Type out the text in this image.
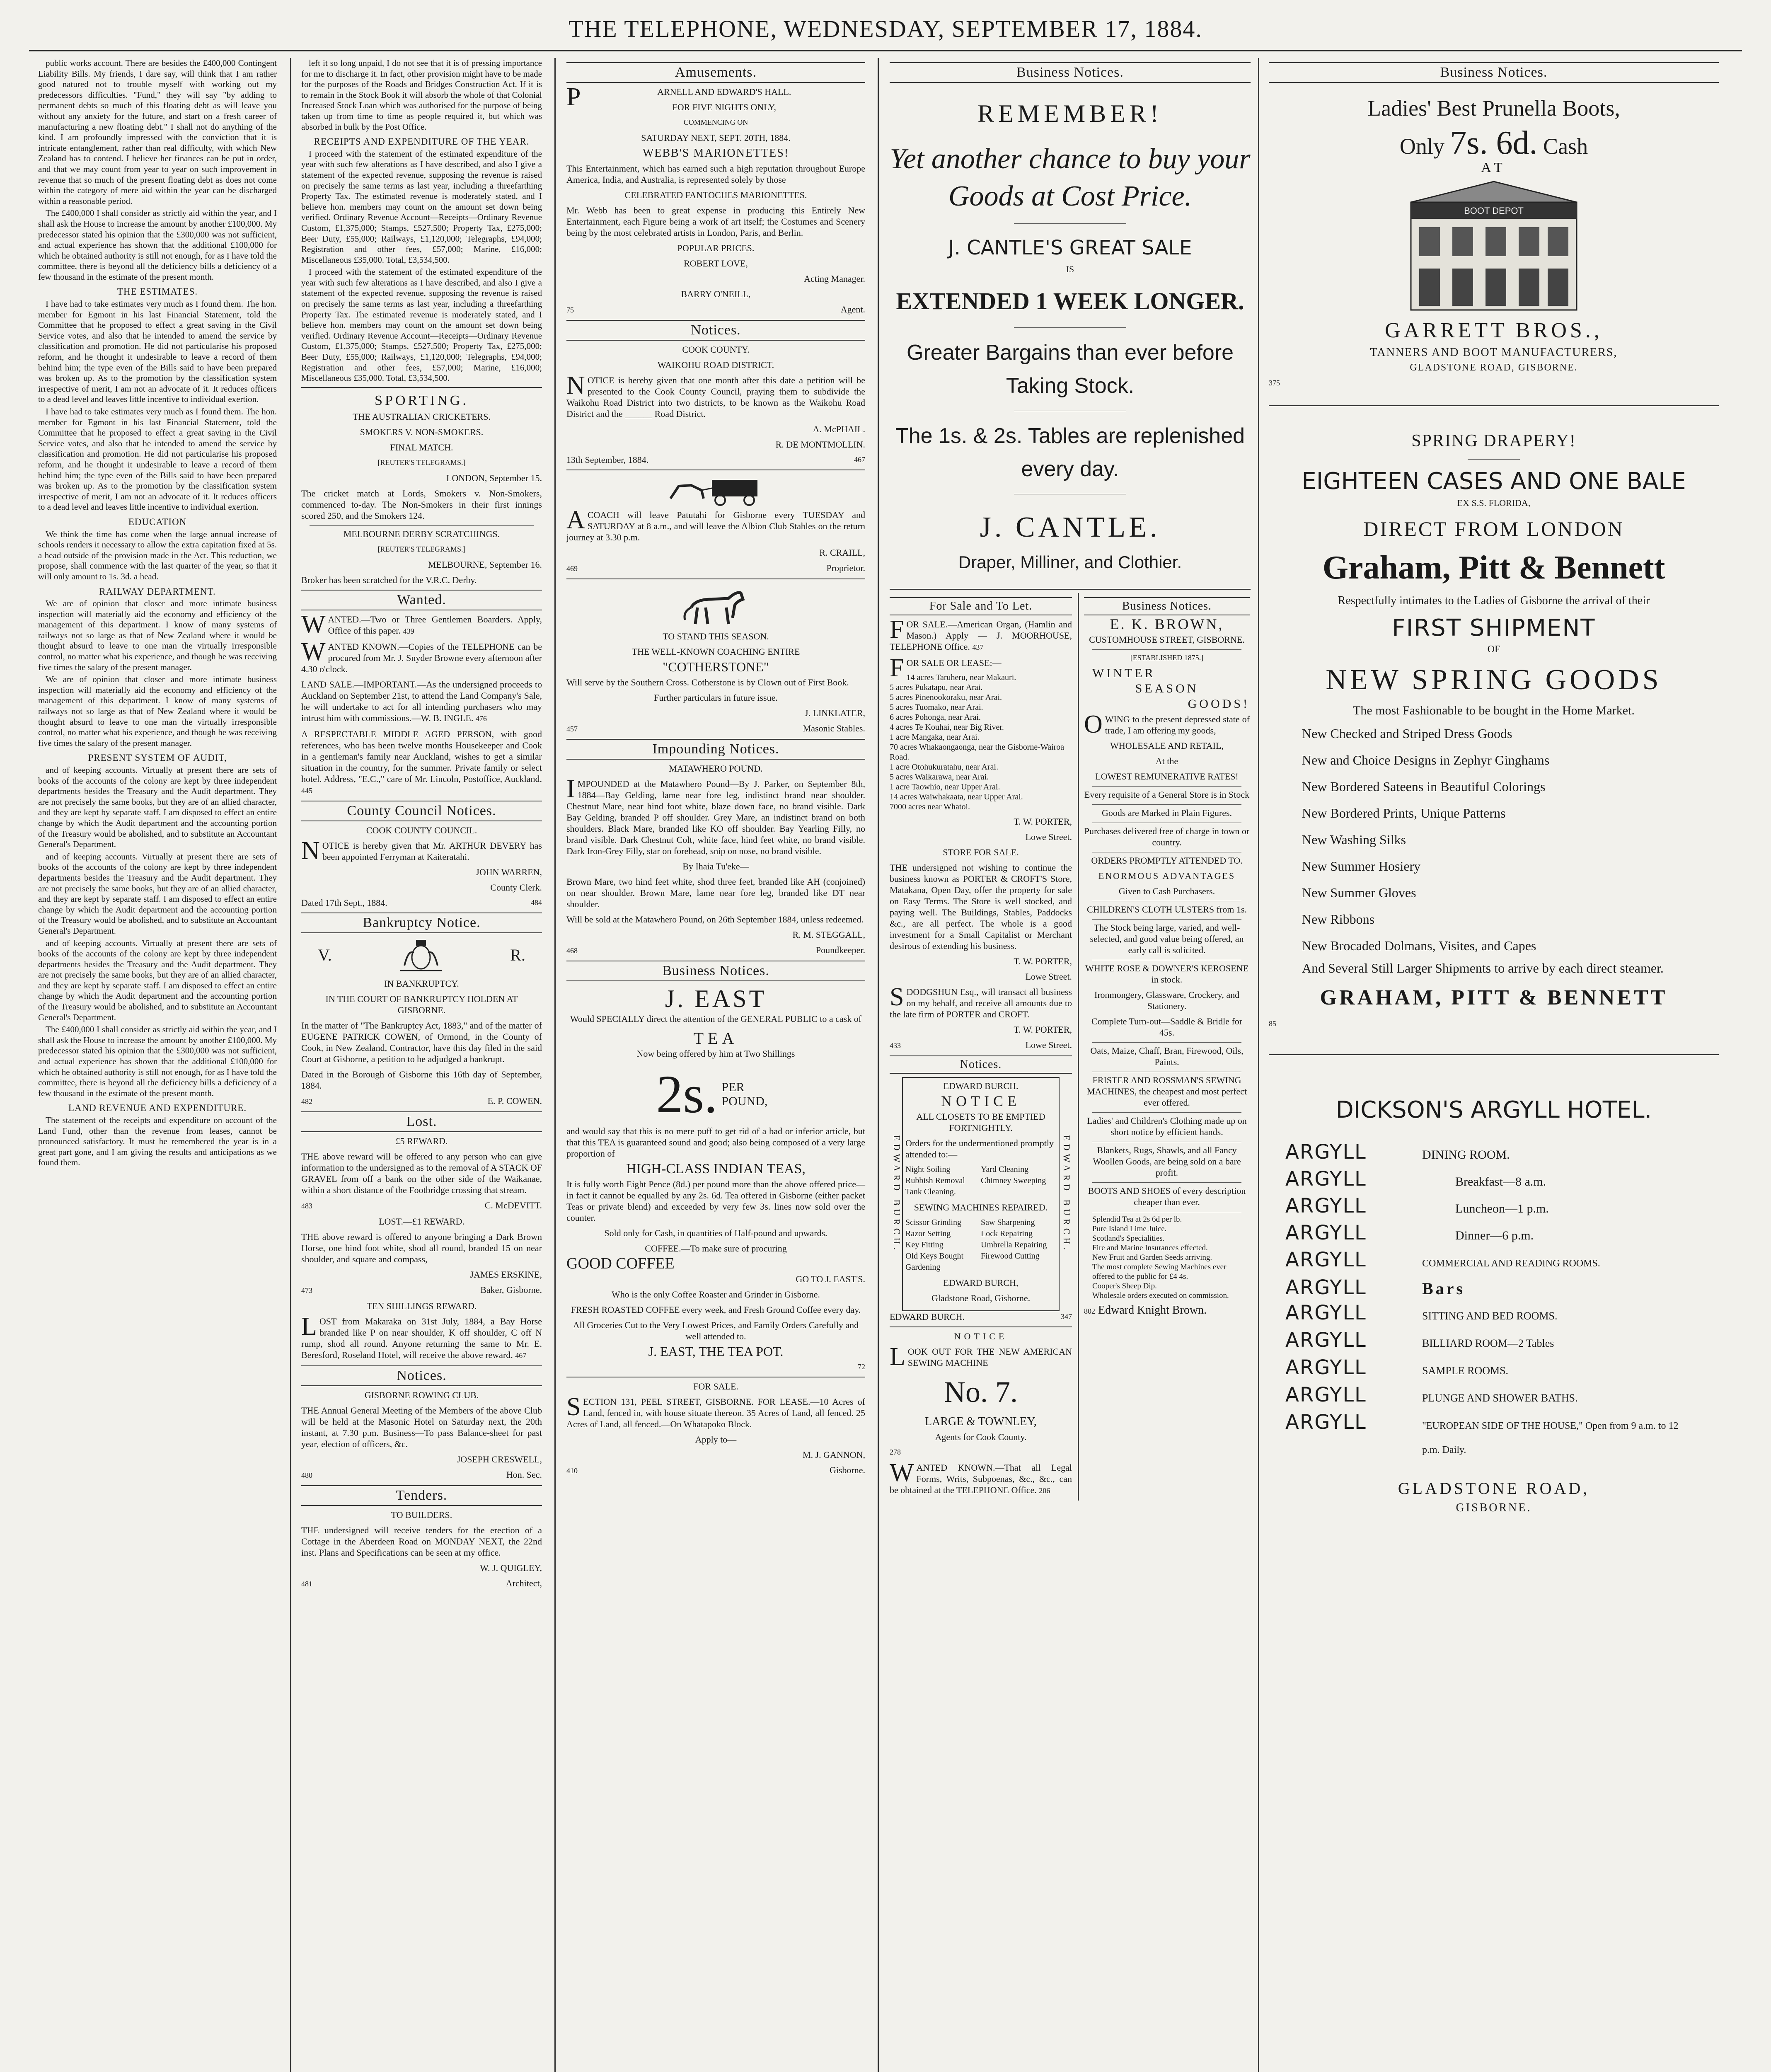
THE TELEPHONE, WEDNESDAY, SEPTEMBER 17, 1884.

public works account. There are besides the £400,000 Contingent Liability Bills. My friends, I dare say, will think that I am rather good natured not to trouble myself with working out my predecessors difficulties. "Fund," they will say "by adding to permanent debts so much of this floating debt as will leave you without any anxiety for the future, and start on a fresh career of manufacturing a new floating debt." I shall not do anything of the kind. I am profoundly impressed with the conviction that it is intricate entanglement, rather than real difficulty, with which New Zealand has to contend. I believe her finances can be put in order, and that we may count from year to year on such improvement in revenue that so much of the present floating debt as does not come within the category of mere aid within the year can be discharged within a reasonable period.

The £400,000 I shall consider as strictly aid within the year, and I shall ask the House to increase the amount by another £100,000. My predecessor stated his opinion that the £300,000 was not sufficient, and actual experience has shown that the additional £100,000 for which he obtained authority is still not enough, for as I have told the committee, there is beyond all the deficiency bills a deficiency of a few thousand in the estimate of the present month.

THE ESTIMATES.

I have had to take estimates very much as I found them. The hon. member for Egmont in his last Financial Statement, told the Committee that he proposed to effect a great saving in the Civil Service votes, and also that he intended to amend the service by classification and promotion. He did not particularise his proposed reform, and he thought it undesirable to leave a record of them behind him; the type even of the Bills said to have been prepared was broken up. As to the promotion by the classification system irrespective of merit, I am not an advocate of it. It reduces officers to a dead level and leaves little incentive to individual exertion.

I have had to take estimates very much as I found them. The hon. member for Egmont in his last Financial Statement, told the Committee that he proposed to effect a great saving in the Civil Service votes, and also that he intended to amend the service by classification and promotion. He did not particularise his proposed reform, and he thought it undesirable to leave a record of them behind him; the type even of the Bills said to have been prepared was broken up. As to the promotion by the classification system irrespective of merit, I am not an advocate of it. It reduces officers to a dead level and leaves little incentive to individual exertion.

EDUCATION

We think the time has come when the large annual increase of schools renders it necessary to allow the extra capitation fixed at 5s. a head outside of the provision made in the Act. This reduction, we propose, shall commence with the last quarter of the year, so that it will only amount to 1s. 3d. a head.

RAILWAY DEPARTMENT.

We are of opinion that closer and more intimate business inspection will materially aid the economy and efficiency of the management of this department. I know of many systems of railways not so large as that of New Zealand where it would be thought absurd to leave to one man the virtually irresponsible control, no matter what his experience, and though he was receiving five times the salary of the present manager.

We are of opinion that closer and more intimate business inspection will materially aid the economy and efficiency of the management of this department. I know of many systems of railways not so large as that of New Zealand where it would be thought absurd to leave to one man the virtually irresponsible control, no matter what his experience, and though he was receiving five times the salary of the present manager.

PRESENT SYSTEM OF AUDIT,

and of keeping accounts. Virtually at present there are sets of books of the accounts of the colony are kept by three independent departments besides the Treasury and the Audit department. They are not precisely the same books, but they are of an allied character, and they are kept by separate staff. I am disposed to effect an entire change by which the Audit department and the accounting portion of the Treasury would be abolished, and to substitute an Accountant General's Department.

and of keeping accounts. Virtually at present there are sets of books of the accounts of the colony are kept by three independent departments besides the Treasury and the Audit department. They are not precisely the same books, but they are of an allied character, and they are kept by separate staff. I am disposed to effect an entire change by which the Audit department and the accounting portion of the Treasury would be abolished, and to substitute an Accountant General's Department.

and of keeping accounts. Virtually at present there are sets of books of the accounts of the colony are kept by three independent departments besides the Treasury and the Audit department. They are not precisely the same books, but they are of an allied character, and they are kept by separate staff. I am disposed to effect an entire change by which the Audit department and the accounting portion of the Treasury would be abolished, and to substitute an Accountant General's Department.

The £400,000 I shall consider as strictly aid within the year, and I shall ask the House to increase the amount by another £100,000. My predecessor stated his opinion that the £300,000 was not sufficient, and actual experience has shown that the additional £100,000 for which he obtained authority is still not enough, for as I have told the committee, there is beyond all the deficiency bills a deficiency of a few thousand in the estimate of the present month.

LAND REVENUE AND EXPENDITURE.

The statement of the receipts and expenditure on account of the Land Fund, other than the revenue from leases, cannot be pronounced satisfactory. It must be remembered the year is in a great part gone, and I am giving the results and anticipations as we found them.

left it so long unpaid, I do not see that it is of pressing importance for me to discharge it. In fact, other provision might have to be made for the purposes of the Roads and Bridges Construction Act. If it is to remain in the Stock Book it will absorb the whole of that Colonial Increased Stock Loan which was authorised for the purpose of being taken up from time to time as people required it, but which was absorbed in bulk by the Post Office.

RECEIPTS AND EXPENDITURE OF THE YEAR.

I proceed with the statement of the estimated expenditure of the year with such few alterations as I have described, and also I give a statement of the expected revenue, supposing the revenue is raised on precisely the same terms as last year, including a threefarthing Property Tax. The estimated revenue is moderately stated, and I believe hon. members may count on the amount set down being verified. Ordinary Revenue Account—Receipts—Ordinary Revenue Custom, £1,375,000; Stamps, £527,500; Property Tax, £275,000; Beer Duty, £55,000; Railways, £1,120,000; Telegraphs, £94,000; Registration and other fees, £57,000; Marine, £16,000; Miscellaneous £35,000. Total, £3,534,500.

I proceed with the statement of the estimated expenditure of the year with such few alterations as I have described, and also I give a statement of the expected revenue, supposing the revenue is raised on precisely the same terms as last year, including a threefarthing Property Tax. The estimated revenue is moderately stated, and I believe hon. members may count on the amount set down being verified. Ordinary Revenue Account—Receipts—Ordinary Revenue Custom, £1,375,000; Stamps, £527,500; Property Tax, £275,000; Beer Duty, £55,000; Railways, £1,120,000; Telegraphs, £94,000; Registration and other fees, £57,000; Marine, £16,000; Miscellaneous £35,000. Total, £3,534,500.

SPORTING.
THE AUSTRALIAN CRICKETERS.
SMOKERS V. NON-SMOKERS.
FINAL MATCH.
[REUTER'S TELEGRAMS.]
LONDON, September 15.
The cricket match at Lords, Smokers v. Non-Smokers, commenced to-day. The Non-Smokers in their first innings scored 250, and the Smokers 124.
MELBOURNE DERBY SCRATCHINGS.
[REUTER'S TELEGRAMS.]
MELBOURNE, September 16.
Broker has been scratched for the V.R.C. Derby.
Wanted.
WANTED.—Two or Three Gentlemen Boarders. Apply, Office of this paper. 439
WANTED KNOWN.—Copies of the TELEPHONE can be procured from Mr. J. Snyder Browne every afternoon after 4.30 o'clock.
LAND SALE.—IMPORTANT.—As the undersigned proceeds to Auckland on September 21st, to attend the Land Company's Sale, he will undertake to act for all intending purchasers who may intrust him with commissions.—W. B. INGLE. 476
A RESPECTABLE MIDDLE AGED PERSON, with good references, who has been twelve months Housekeeper and Cook in a gentleman's family near Auckland, wishes to get a similar situation in the country, for the summer. Private family or select hotel. Address, "E.C.," care of Mr. Lincoln, Postoffice, Auckland. 445
County Council Notices.
COOK COUNTY COUNCIL.
NOTICE is hereby given that Mr. ARTHUR DEVERY has been appointed Ferryman at Kaiteratahi.
JOHN WARREN,
County Clerk.
Dated 17th Sept., 1884.	484
Bankruptcy Notice.
V.	R.
IN BANKRUPTCY.
IN THE COURT OF BANKRUPTCY HOLDEN AT GISBORNE.
In the matter of "The Bankruptcy Act, 1883," and of the matter of EUGENE PATRICK COWEN, of Ormond, in the County of Cook, in New Zealand, Contractor, have this day filed in the said Court at Gisborne, a petition to be adjudged a bankrupt.
Dated in the Borough of Gisborne this 16th day of September, 1884.
482	E. P. COWEN.
Lost.
£5 REWARD.
THE above reward will be offered to any person who can give information to the undersigned as to the removal of A STACK OF GRAVEL from off a bank on the other side of the Waikanae, within a short distance of the Footbridge crossing that stream.
483	C. McDEVITT.
LOST.—£1 REWARD.
THE above reward is offered to anyone bringing a Dark Brown Horse, one hind foot white, shod all round, branded 15 on near shoulder, and square and compass,
JAMES ERSKINE,
473	Baker, Gisborne.
TEN SHILLINGS REWARD.
LOST from Makaraka on 31st July, 1884, a Bay Horse branded like P on near shoulder, K off shoulder, C off N rump, shod all round. Anyone returning the same to Mr. E. Beresford, Roseland Hotel, will receive the above reward. 467
Notices.
GISBORNE ROWING CLUB.
THE Annual General Meeting of the Members of the above Club will be held at the Masonic Hotel on Saturday next, the 20th instant, at 7.30 p.m. Business—To pass Balance-sheet for past year, election of officers, &c.
JOSEPH CRESWELL,
480	Hon. Sec.
Tenders.
TO BUILDERS.
THE undersigned will receive tenders for the erection of a Cottage in the Aberdeen Road on MONDAY NEXT, the 22nd inst. Plans and Specifications can be seen at my office.
W. J. QUIGLEY,
481	Architect,
Amusements.
P	ARNELL AND EDWARD'S HALL.
FOR FIVE NIGHTS ONLY,
COMMENCING ON
SATURDAY NEXT, SEPT. 20TH, 1884.
WEBB'S MARIONETTES!
This Entertainment, which has earned such a high reputation throughout Europe America, India, and Australia, is represented solely by those
CELEBRATED FANTOCHES MARIONETTES.
Mr. Webb has been to great expense in producing this Entirely New Entertainment, each Figure being a work of art itself; the Costumes and Scenery being by the most celebrated artists in London, Paris, and Berlin.
POPULAR PRICES.
ROBERT LOVE,
Acting Manager.
BARRY O'NEILL,
75	Agent.
Notices.
COOK COUNTY.
WAIKOHU ROAD DISTRICT.
NOTICE is hereby given that one month after this date a petition will be presented to the Cook County Council, praying them to subdivide the Waikohu Road District into two districts, to be known as the Waikohu Road District and the ______ Road District.
A. McPHAIL.
R. DE MONTMOLLIN.
13th September, 1884.	467
ACOACH will leave Patutahi for Gisborne every TUESDAY and SATURDAY at 8 a.m., and will leave the Albion Club Stables on the return journey at 3.30 p.m.
R. CRAILL,
469	Proprietor.
TO STAND THIS SEASON.
THE WELL-KNOWN COACHING ENTIRE
"COTHERSTONE"
Will serve by the Southern Cross. Cotherstone is by Clown out of First Book.
Further particulars in future issue.
J. LINKLATER,
457	Masonic Stables.
Impounding Notices.
MATAWHERO POUND.
IMPOUNDED at the Matawhero Pound—By J. Parker, on September 8th, 1884—Bay Gelding, lame near fore leg, indistinct brand near shoulder. Chestnut Mare, near hind foot white, blaze down face, no brand visible. Dark Bay Gelding, branded P off shoulder. Grey Mare, an indistinct brand on both shoulders. Black Mare, branded like KO off shoulder. Bay Yearling Filly, no brand visible. Dark Chestnut Colt, white face, hind feet white, no brand visible. Dark Iron-Grey Filly, star on forehead, snip on nose, no brand visible.
By Ihaia Tu'eke—
Brown Mare, two hind feet white, shod three feet, branded like AH (conjoined) on near shoulder. Brown Mare, lame near fore leg, branded like DT near shoulder.
Will be sold at the Matawhero Pound, on 26th September 1884, unless redeemed.
R. M. STEGGALL,
468	Poundkeeper.
Business Notices.
J. EAST
Would SPECIALLY direct the attention of the GENERAL PUBLIC to a cask of
TEA
Now being offered by him at Two Shillings
2s. PER POUND,
and would say that this is no mere puff to get rid of a bad or inferior article, but that this TEA is guaranteed sound and good; also being composed of a very large proportion of
HIGH-CLASS INDIAN TEAS,
It is fully worth Eight Pence (8d.) per pound more than the above offered price—in fact it cannot be equalled by any 2s. 6d. Tea offered in Gisborne (either packet Teas or private blend) and exceeded by very few 3s. lines now sold over the counter.
Sold only for Cash, in quantities of Half-pound and upwards.
COFFEE.—To make sure of procuring
GOOD COFFEE
GO TO J. EAST'S.
Who is the only Coffee Roaster and Grinder in Gisborne.
FRESH ROASTED COFFEE every week, and Fresh Ground Coffee every day.
All Groceries Cut to the Very Lowest Prices, and Family Orders Carefully and well attended to.
J. EAST, THE TEA POT.
72
FOR SALE.
SECTION 131, PEEL STREET, GISBORNE. FOR LEASE.—10 Acres of Land, fenced in, with house situate thereon. 35 Acres of Land, all fenced. 25 Acres of Land, all fenced.—On Whatapoko Block.
Apply to—
M. J. GANNON,
410	Gisborne.
Business Notices.
REMEMBER!
Yet another chance to buy your Goods at Cost Price.
J. CANTLE'S GREAT SALE
IS
EXTENDED 1 WEEK LONGER.
Greater Bargains than ever before Taking Stock.
The 1s. & 2s. Tables are replenished every day.
J. CANTLE.
Draper, Milliner, and Clothier.
For Sale and To Let.
FOR SALE.—American Organ, (Hamlin and Mason.) Apply — J. MOORHOUSE, TELEPHONE Office. 437
FOR SALE OR LEASE:—
14 acres Taruheru, near Makauri.
5 acres Pukatapu, near Arai.
5 acres Pinenookoraku, near Arai.
5 acres Tuomako, near Arai.
6 acres Pohonga, near Arai.
4 acres Te Kouhai, near Big River.
1 acre Mangaka, near Arai.
70 acres Whakaongaonga, near the Gisborne-Wairoa Road.
1 acre Otohukuratahu, near Arai.
5 acres Waikarawa, near Arai.
1 acre Taowhio, near Upper Arai.
14 acres Waiwhakaata, near Upper Arai.
7000 acres near Whatoi.
T. W. PORTER,
Lowe Street.
STORE FOR SALE.
THE undersigned not wishing to continue the business known as PORTER & CROFT'S Store, Matakana, Open Day, offer the property for sale on Easy Terms. The Store is well stocked, and paying well. The Buildings, Stables, Paddocks &c., are all perfect. The whole is a good investment for a Small Capitalist or Merchant desirous of extending his business.
T. W. PORTER,
Lowe Street.
SDODGSHUN Esq., will transact all business on my behalf, and receive all amounts due to the late firm of PORTER and CROFT.
T. W. PORTER,
433	Lowe Street.
Notices.
EDWARD BURCH.
EDWARD BURCH.
NOTICE
ALL CLOSETS TO BE EMPTIED FORTNIGHTLY.
Orders for the undermentioned promptly attended to:—
Night Soiling	Yard Cleaning
Rubbish Removal	Chimney Sweeping
Tank Cleaning.
SEWING MACHINES REPAIRED.
Scissor Grinding	Saw Sharpening
Razor Setting	Lock Repairing
Key Fitting	Umbrella Repairing
Old Keys Bought	Firewood Cutting
Gardening
EDWARD BURCH,
Gladstone Road, Gisborne.
EDWARD BURCH.
EDWARD BURCH.	347
NOTICE
LOOK OUT FOR THE NEW AMERICAN SEWING MACHINE
No. 7.
LARGE & TOWNLEY,
Agents for Cook County.
278
WANTED KNOWN.—That all Legal Forms, Writs, Subpoenas, &c., &c., can be obtained at the TELEPHONE Office. 206
Business Notices.
E. K. BROWN,
CUSTOMHOUSE STREET, GISBORNE.
[ESTABLISHED 1875.]
WINTER
SEASON
GOODS!
OWING to the present depressed state of trade, I am offering my goods,
WHOLESALE AND RETAIL,
At the
LOWEST REMUNERATIVE RATES!
Every requisite of a General Store is in Stock
Goods are Marked in Plain Figures.
Purchases delivered free of charge in town or country.
ORDERS PROMPTLY ATTENDED TO.
ENORMOUS ADVANTAGES
Given to Cash Purchasers.
CHILDREN'S CLOTH ULSTERS from 1s.
The Stock being large, varied, and well-selected, and good value being offered, an early call is solicited.
WHITE ROSE & DOWNER'S KEROSENE in stock.
Ironmongery, Glassware, Crockery, and Stationery.
Complete Turn-out—Saddle & Bridle for 45s.
Oats, Maize, Chaff, Bran, Firewood, Oils, Paints.
FRISTER AND ROSSMAN'S SEWING MACHINES, the cheapest and most perfect ever offered.
Ladies' and Children's Clothing made up on short notice by efficient hands.
Blankets, Rugs, Shawls, and all Fancy Woollen Goods, are being sold on a bare profit.
BOOTS AND SHOES of every description cheaper than ever.
Splendid Tea at 2s 6d per lb.
Pure Island Lime Juice.
Scotland's Specialities.
Fire and Marine Insurances effected.
New Fruit and Garden Seeds arriving.
The most complete Sewing Machines ever offered to the public for £4 4s.
Cooper's Sheep Dip.
Wholesale orders executed on commission.
802 Edward Knight Brown.
Business Notices.
Ladies' Best Prunella Boots,
Only 7s. 6d. Cash
AT
BOOT DEPOT
GARRETT BROS.,
TANNERS AND BOOT MANUFACTURERS,
GLADSTONE ROAD, GISBORNE.
375
SPRING DRAPERY!
EIGHTEEN CASES AND ONE BALE
EX S.S. FLORIDA,
DIRECT FROM LONDON
Graham, Pitt & Bennett
Respectfully intimates to the Ladies of Gisborne the arrival of their
FIRST SHIPMENT
OF
NEW SPRING GOODS
The most Fashionable to be bought in the Home Market.
New Checked and Striped Dress Goods
New and Choice Designs in Zephyr Ginghams
New Bordered Sateens in Beautiful Colorings
New Bordered Prints, Unique Patterns
New Washing Silks
New Summer Hosiery
New Summer Gloves
New Ribbons
New Brocaded Dolmans, Visites, and Capes
And Several Still Larger Shipments to arrive by each direct steamer.
GRAHAM, PITT & BENNETT
85
DICKSON'S ARGYLL HOTEL.
ARGYLL	DINING ROOM.
ARGYLL	Breakfast—8 a.m.
ARGYLL	Luncheon—1 p.m.
ARGYLL	Dinner—6 p.m.
ARGYLL	COMMERCIAL AND READING ROOMS.
ARGYLL	Bars
ARGYLL	SITTING AND BED ROOMS.
ARGYLL	BILLIARD ROOM—2 Tables
ARGYLL	SAMPLE ROOMS.
ARGYLL	PLUNGE AND SHOWER BATHS.
ARGYLL	"EUROPEAN SIDE OF THE HOUSE," Open from 9 a.m. to 12 p.m. Daily.
GLADSTONE ROAD,
GISBORNE.
